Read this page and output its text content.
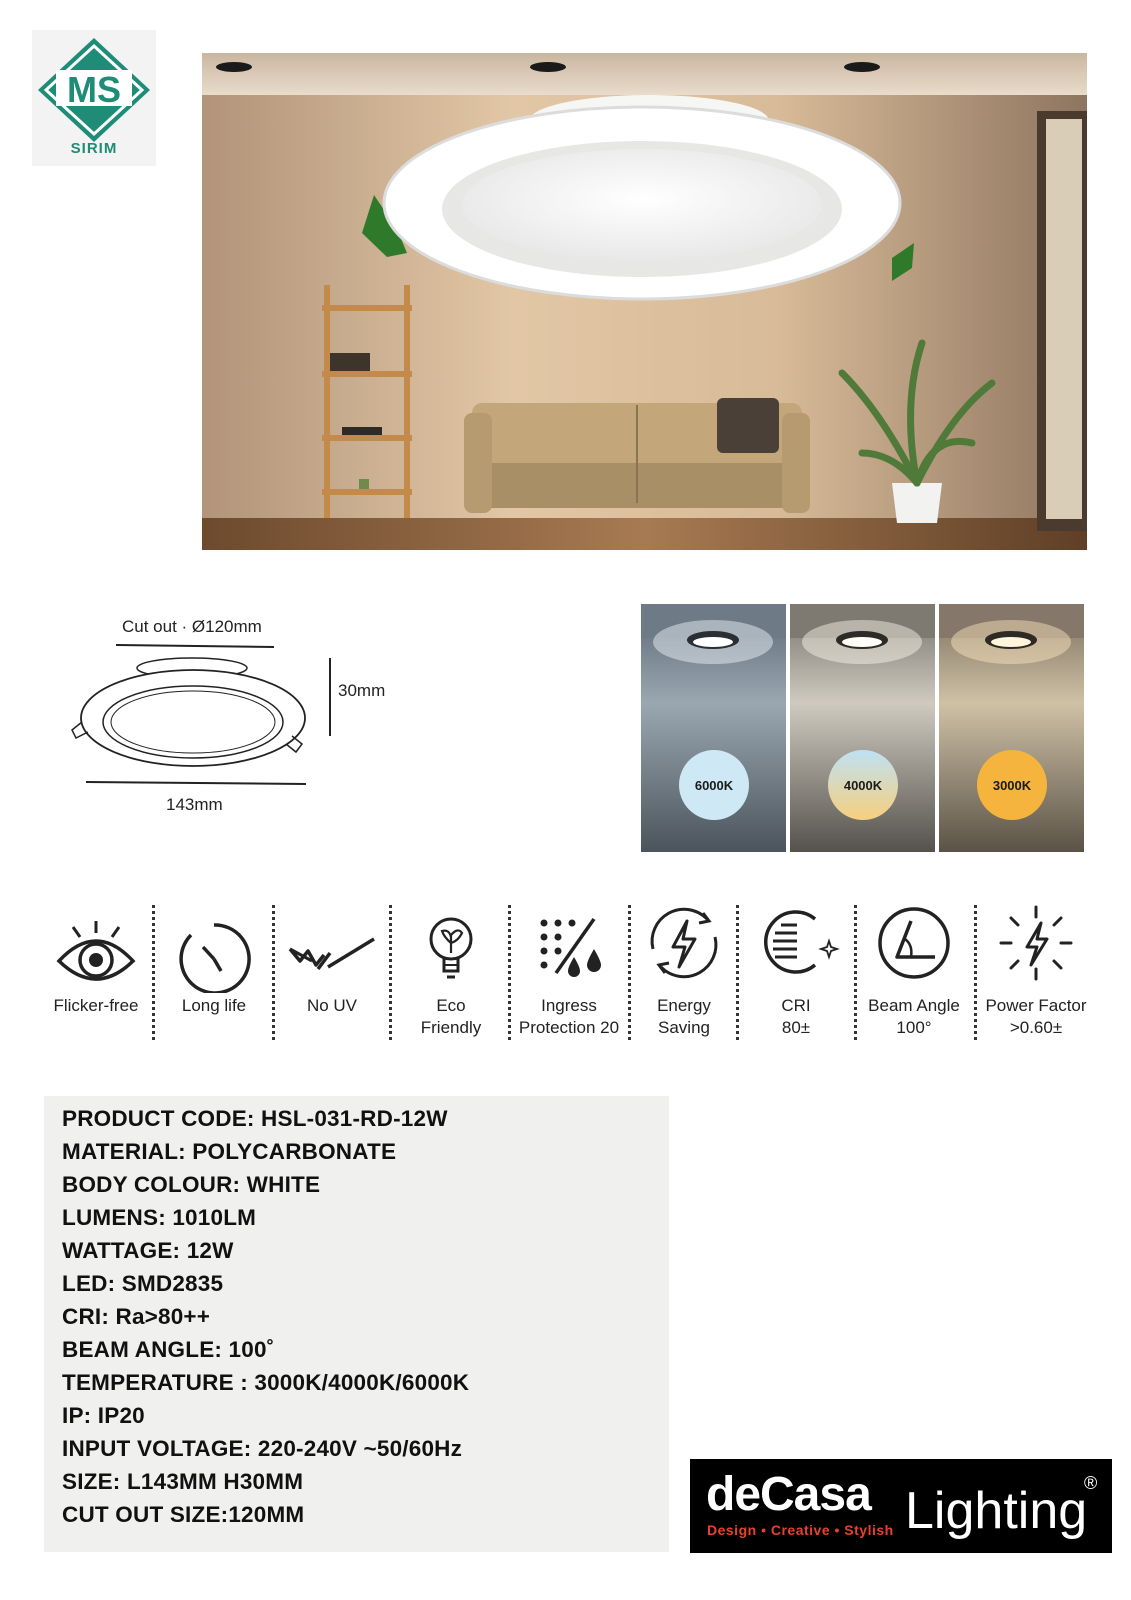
MS
SIRIM
Cut out · Ø120mm
30mm
143mm
6000K	4000K	3000K
Flicker-free	Long life	No UV	Eco
Friendly
Ingress
Protection 20
Energy
Saving
CRI
80±
Beam Angle
100°
Power Factor
>0.60±
PRODUCT CODE: HSL-031-RD-12W
MATERIAL: POLYCARBONATE
BODY COLOUR: WHITE
LUMENS: 1010LM
WATTAGE: 12W
LED: SMD2835
CRI: Ra>80++
BEAM ANGLE: 100˚
TEMPERATURE : 3000K/4000K/6000K
IP: IP20
INPUT VOLTAGE: 220-240V ~50/60Hz
SIZE: L143MM H30MM
CUT OUT SIZE:120MM	deCasa
Design • Creative • Stylish Lighting
®
